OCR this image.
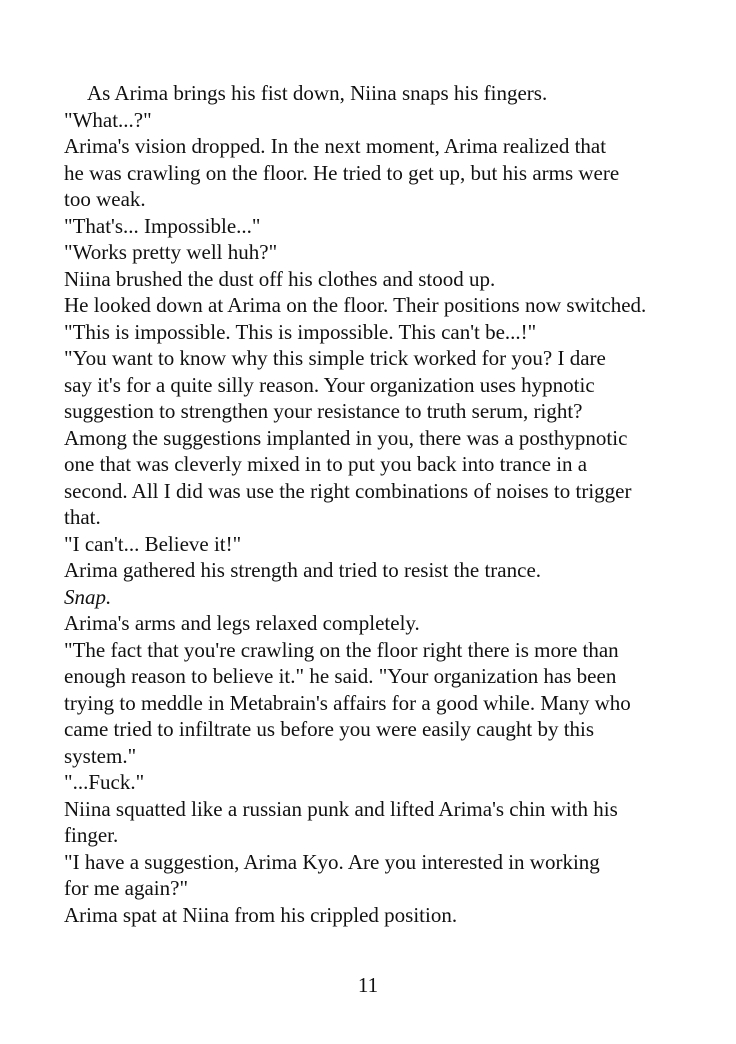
As Arima brings his fist down, Niina snaps his fingers.
"What...?"
Arima's vision dropped. In the next moment, Arima realized that
he was crawling on the floor. He tried to get up, but his arms were
too weak.
"That's... Impossible..."
"Works pretty well huh?"
Niina brushed the dust off his clothes and stood up.
He looked down at Arima on the floor. Their positions now switched.
"This is impossible. This is impossible. This can't be...!"
"You want to know why this simple trick worked for you? I dare
say it's for a quite silly reason. Your organization uses hypnotic
suggestion to strengthen your resistance to truth serum, right?
Among the suggestions implanted in you, there was a posthypnotic
one that was cleverly mixed in to put you back into trance in a
second. All I did was use the right combinations of noises to trigger
that.
"I can't... Believe it!"
Arima gathered his strength and tried to resist the trance.
Snap.
Arima's arms and legs relaxed completely.
"The fact that you're crawling on the floor right there is more than
enough reason to believe it." he said. "Your organization has been
trying to meddle in Metabrain's affairs for a good while. Many who
came tried to infiltrate us before you were easily caught by this
system."
"...Fuck."
Niina squatted like a russian punk and lifted Arima's chin with his
finger.
"I have a suggestion, Arima Kyo. Are you interested in working
for me again?"
Arima spat at Niina from his crippled position.
11
